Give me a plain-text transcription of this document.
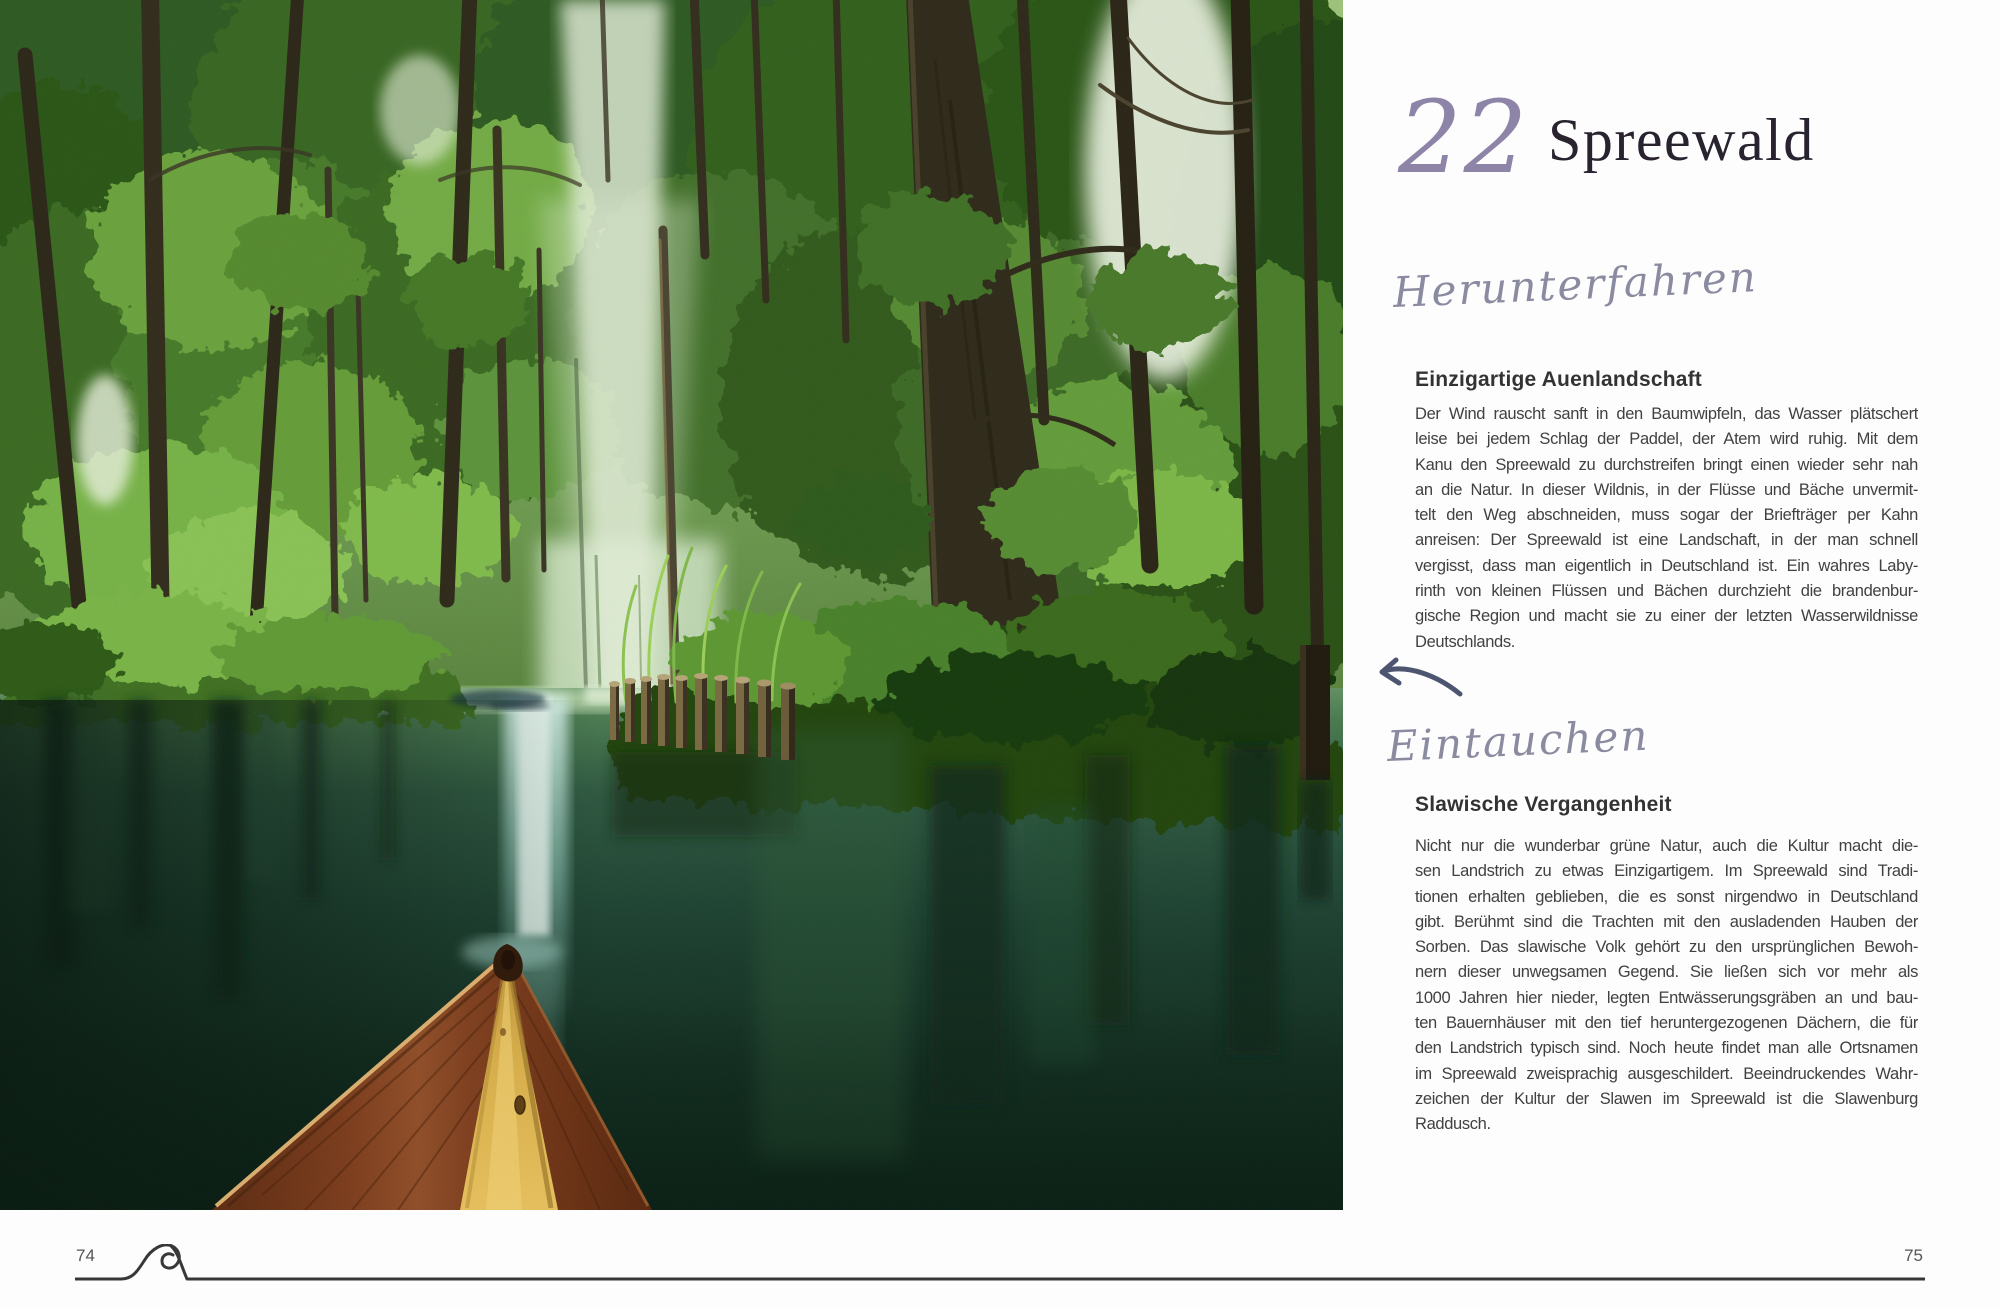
22 Spreewald
Herunterfahren
Einzigartige Auenlandschaft
Der Wind rauscht sanft in den Baumwipfeln, das Wasser plätschert
leise bei jedem Schlag der Paddel, der Atem wird ruhig. Mit dem
Kanu den Spreewald zu durchstreifen bringt einen wieder sehr nah
an die Natur. In dieser Wildnis, in der Flüsse und Bäche unvermit-
telt den Weg abschneiden, muss sogar der Briefträger per Kahn
anreisen: Der Spreewald ist eine Landschaft, in der man schnell
vergisst, dass man eigentlich in Deutschland ist. Ein wahres Laby-
rinth von kleinen Flüssen und Bächen durchzieht die brandenbur-
gische Region und macht sie zu einer der letzten Wasserwildnisse
Deutschlands.
Eintauchen
Slawische Vergangenheit
Nicht nur die wunderbar grüne Natur, auch die Kultur macht die-
sen Landstrich zu etwas Einzigartigem. Im Spreewald sind Tradi-
tionen erhalten geblieben, die es sonst nirgendwo in Deutschland
gibt. Berühmt sind die Trachten mit den ausladenden Hauben der
Sorben. Das slawische Volk gehört zu den ursprünglichen Bewoh-
nern dieser unwegsamen Gegend. Sie ließen sich vor mehr als
1000 Jahren hier nieder, legten Entwässerungsgräben an und bau-
ten Bauernhäuser mit den tief heruntergezogenen Dächern, die für
den Landstrich typisch sind. Noch heute findet man alle Ortsnamen
im Spreewald zweisprachig ausgeschildert. Beeindruckendes Wahr-
zeichen der Kultur der Slawen im Spreewald ist die Slawenburg
Raddusch.
74	75
